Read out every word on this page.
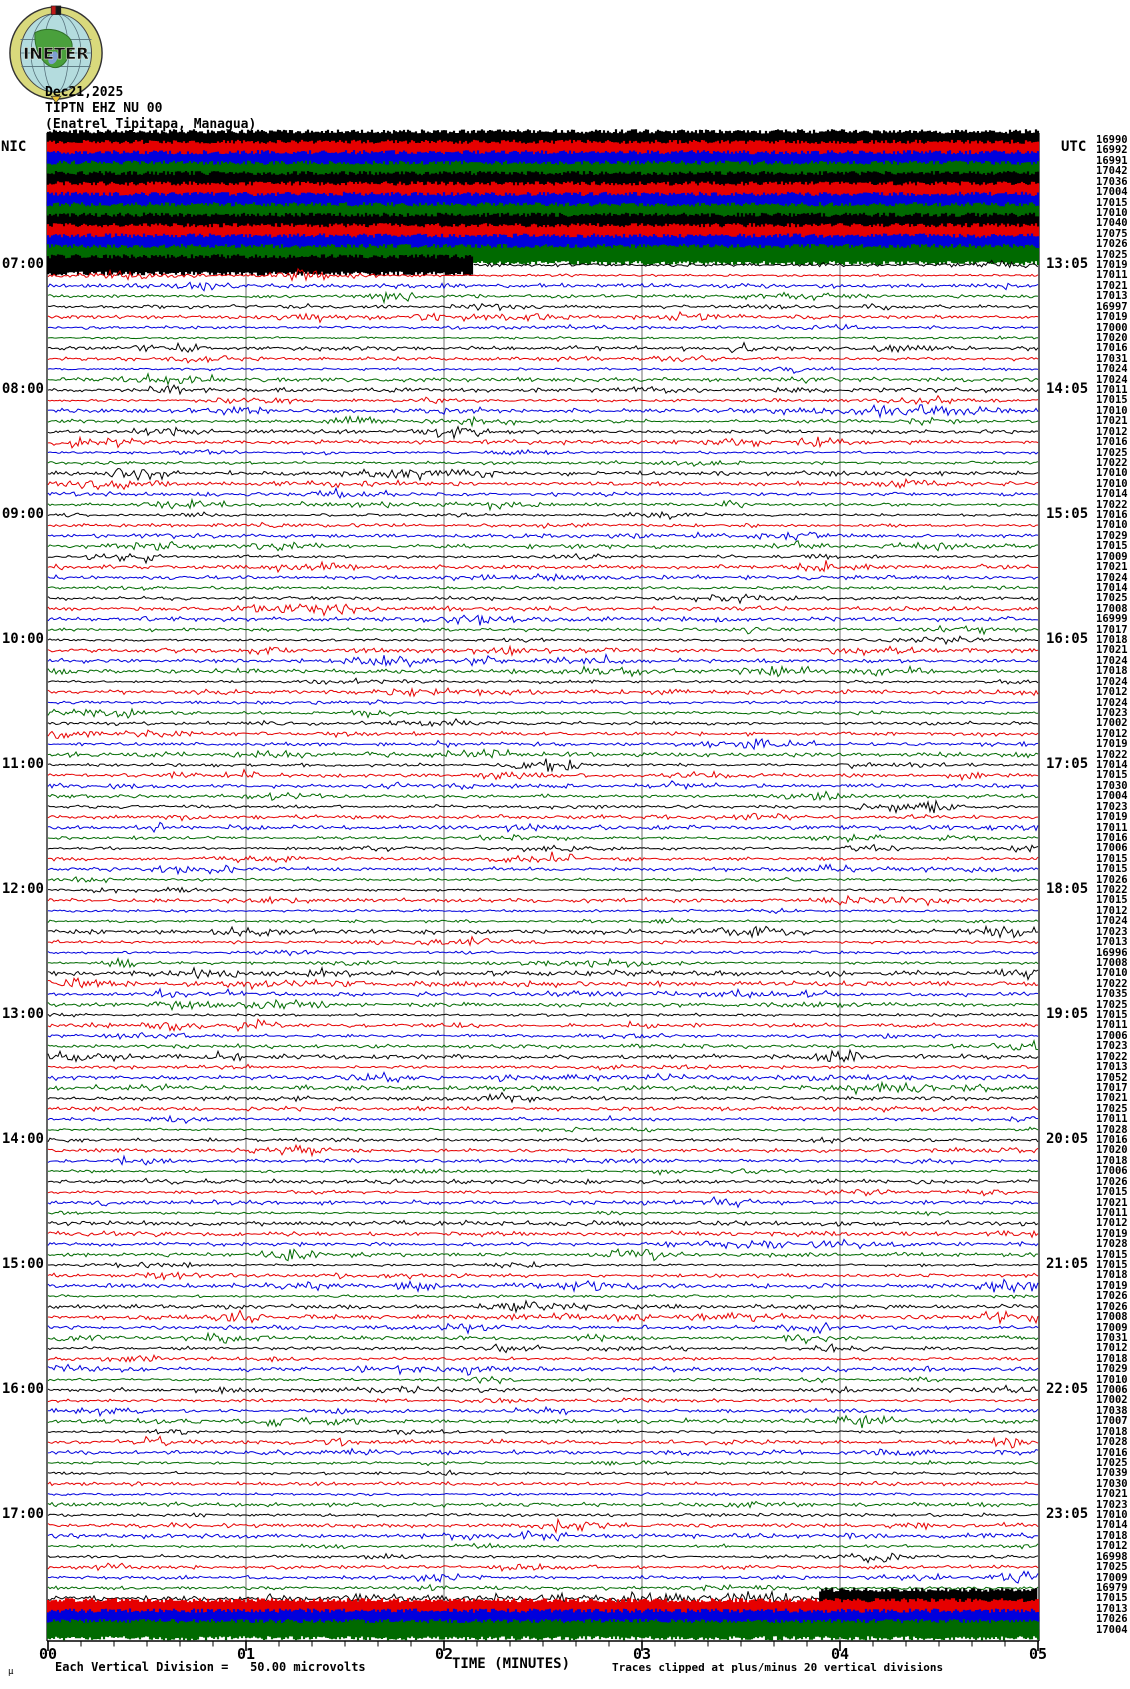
INETER
Dec21,2025
TIPTN EHZ NU 00
(Enatrel Tipitapa, Managua)
NIC	UTC
07:00
08:00
09:00
10:00
11:00
12:00
13:00
14:00
15:00
16:00
17:00
13:05
14:05
15:05
16:05
17:05
18:05
19:05
20:05
21:05
22:05
23:05
16990
16992
16991
17042
17036
17004
17015
17010
17040
17075
17026
17025
17019
17011
17021
17013
16997
17019
17000
17020
17016
17031
17024
17024
17011
17015
17010
17021
17012
17016
17025
17022
17010
17010
17014
17022
17016
17010
17029
17015
17009
17021
17024
17014
17025
17008
16999
17017
17018
17021
17024
17018
17024
17012
17024
17023
17002
17012
17019
17022
17014
17015
17030
17004
17023
17019
17011
17016
17006
17015
17015
17026
17022
17015
17012
17024
17023
17013
16996
17008
17010
17022
17035
17025
17015
17011
17006
17023
17022
17013
17052
17017
17021
17025
17011
17028
17016
17020
17018
17006
17026
17015
17021
17011
17012
17019
17028
17015
17015
17018
17019
17026
17026
17008
17009
17031
17012
17018
17029
17010
17006
17002
17038
17007
17018
17028
17016
17025
17039
17030
17021
17023
17010
17014
17018
17012
16998
17025
17009
16979
17015
17013
17026
17004
00	01	02	03	04	05
µ	Each Vertical Division =   50.00 microvolts	TIME (MINUTES)	Traces clipped at plus/minus 20 vertical divisions
